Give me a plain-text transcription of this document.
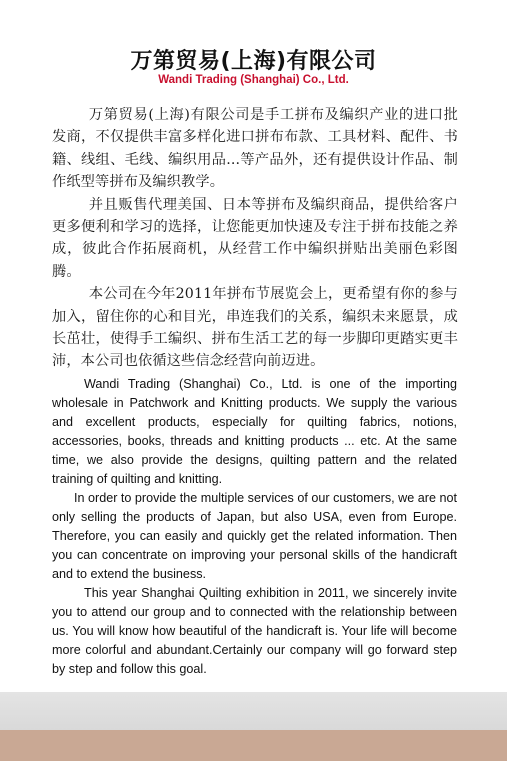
万第贸易(上海)有限公司
Wandi Trading (Shanghai) Co., Ltd.

万第贸易(上海)有限公司是手工拼布及编织产业的进口批发商，不仅提供丰富多样化进口拼布布款、工具材料、配件、书籍、线组、毛线、编织用品...等产品外，还有提供设计作品、制作纸型等拼布及编织教学。

并且贩售代理美国、日本等拼布及编织商品，提供给客户更多便利和学习的选择，让您能更加快速及专注于拼布技能之养成，彼此合作拓展商机，从经营工作中编织拼贴出美丽色彩图腾。

本公司在今年2011年拼布节展览会上，更希望有你的参与加入，留住你的心和目光，串连我们的关系，编织未来愿景，成长茁壮，使得手工编织、拼布生活工艺的每一步脚印更踏实更丰沛，本公司也依循这些信念经营向前迈进。

Wandi Trading (Shanghai) Co., Ltd. is one of the importing wholesale in Patchwork and Knitting products. We supply the various and excellent products, especially for quilting fabrics, notions, accessories, books, threads and knitting products ... etc. At the same time, we also provide the designs, quilting pattern and the related training of quilting and knitting.

In order to provide the multiple services of our customers, we are not only selling the products of Japan, but also USA, even from Europe. Therefore, you can easily and quickly get the related information. Then you can concentrate on improving your personal skills of the handicraft and to extend the business.

This year Shanghai Quilting exhibition in 2011, we sincerely invite you to attend our group and to connected with the relationship between us. You will know how beautiful of the handicraft is. Your life will become more colorful and abundant.Certainly our company will go forward step by step and follow this goal.
